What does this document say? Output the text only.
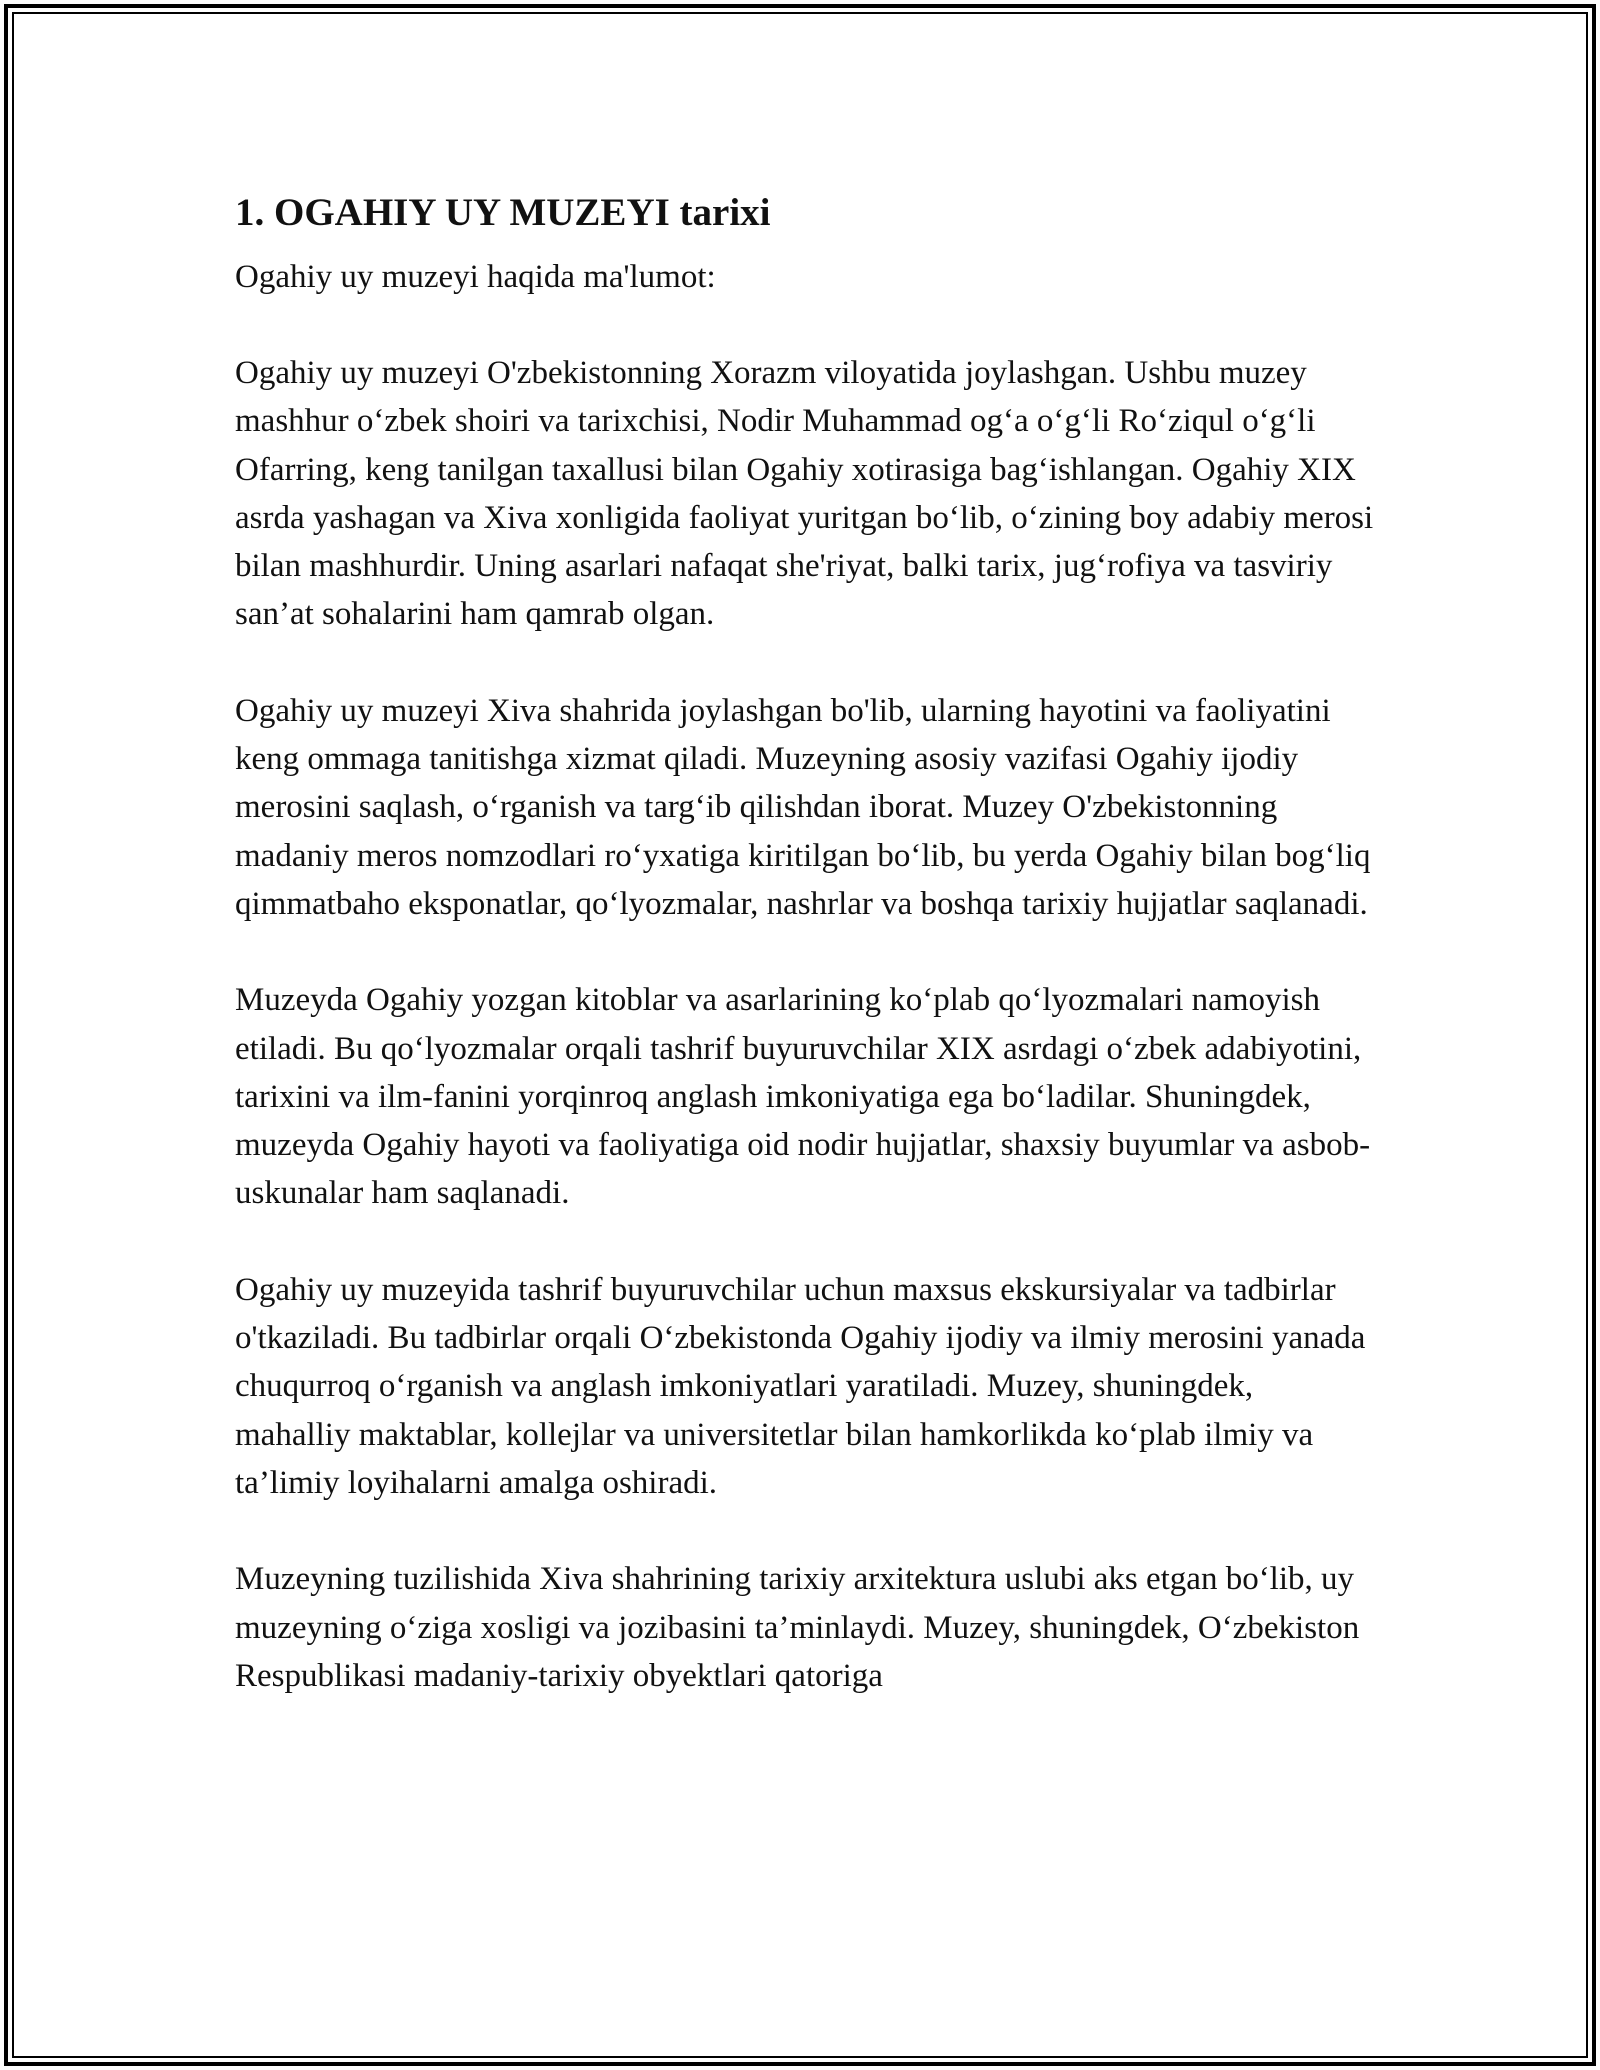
1. OGAHIY UY MUZEYI tarixi

Ogahiy uy muzeyi haqida ma'lumot:

Ogahiy uy muzeyi O'zbekistonning Xorazm viloyatida joylashgan. Ushbu muzey mashhur o‘zbek shoiri va tarixchisi, Nodir Muhammad og‘a o‘g‘li Ro‘ziqul o‘g‘li Ofarring, keng tanilgan taxallusi bilan Ogahiy xotirasiga bag‘ishlangan. Ogahiy XIX asrda yashagan va Xiva xonligida faoliyat yuritgan bo‘lib, o‘zining boy adabiy merosi bilan mashhurdir. Uning asarlari nafaqat she'riyat, balki tarix, jug‘rofiya va tasviriy san’at sohalarini ham qamrab olgan.

Ogahiy uy muzeyi Xiva shahrida joylashgan bo'lib, ularning hayotini va faoliyatini keng ommaga tanitishga xizmat qiladi. Muzeyning asosiy vazifasi Ogahiy ijodiy merosini saqlash, o‘rganish va targ‘ib qilishdan iborat. Muzey O'zbekistonning madaniy meros nomzodlari ro‘yxatiga kiritilgan bo‘lib, bu yerda Ogahiy bilan bog‘liq qimmatbaho eksponatlar, qo‘lyozmalar, nashrlar va boshqa tarixiy hujjatlar saqlanadi.

Muzeyda Ogahiy yozgan kitoblar va asarlarining ko‘plab qo‘lyozmalari namoyish etiladi. Bu qo‘lyozmalar orqali tashrif buyuruvchilar XIX asrdagi o‘zbek adabiyotini, tarixini va ilm-fanini yorqinroq anglash imkoniyatiga ega bo‘ladilar. Shuningdek, muzeyda Ogahiy hayoti va faoliyatiga oid nodir hujjatlar, shaxsiy buyumlar va asbob-uskunalar ham saqlanadi.

Ogahiy uy muzeyida tashrif buyuruvchilar uchun maxsus ekskursiyalar va tadbirlar o'tkaziladi. Bu tadbirlar orqali O‘zbekistonda Ogahiy ijodiy va ilmiy merosini yanada chuqurroq o‘rganish va anglash imkoniyatlari yaratiladi. Muzey, shuningdek, mahalliy maktablar, kollejlar va universitetlar bilan hamkorlikda ko‘plab ilmiy va ta’limiy loyihalarni amalga oshiradi.

Muzeyning tuzilishida Xiva shahrining tarixiy arxitektura uslubi aks etgan bo‘lib, uy muzeyning o‘ziga xosligi va jozibasini ta’minlaydi. Muzey, shuningdek, O‘zbekiston Respublikasi madaniy-tarixiy obyektlari qatoriga
